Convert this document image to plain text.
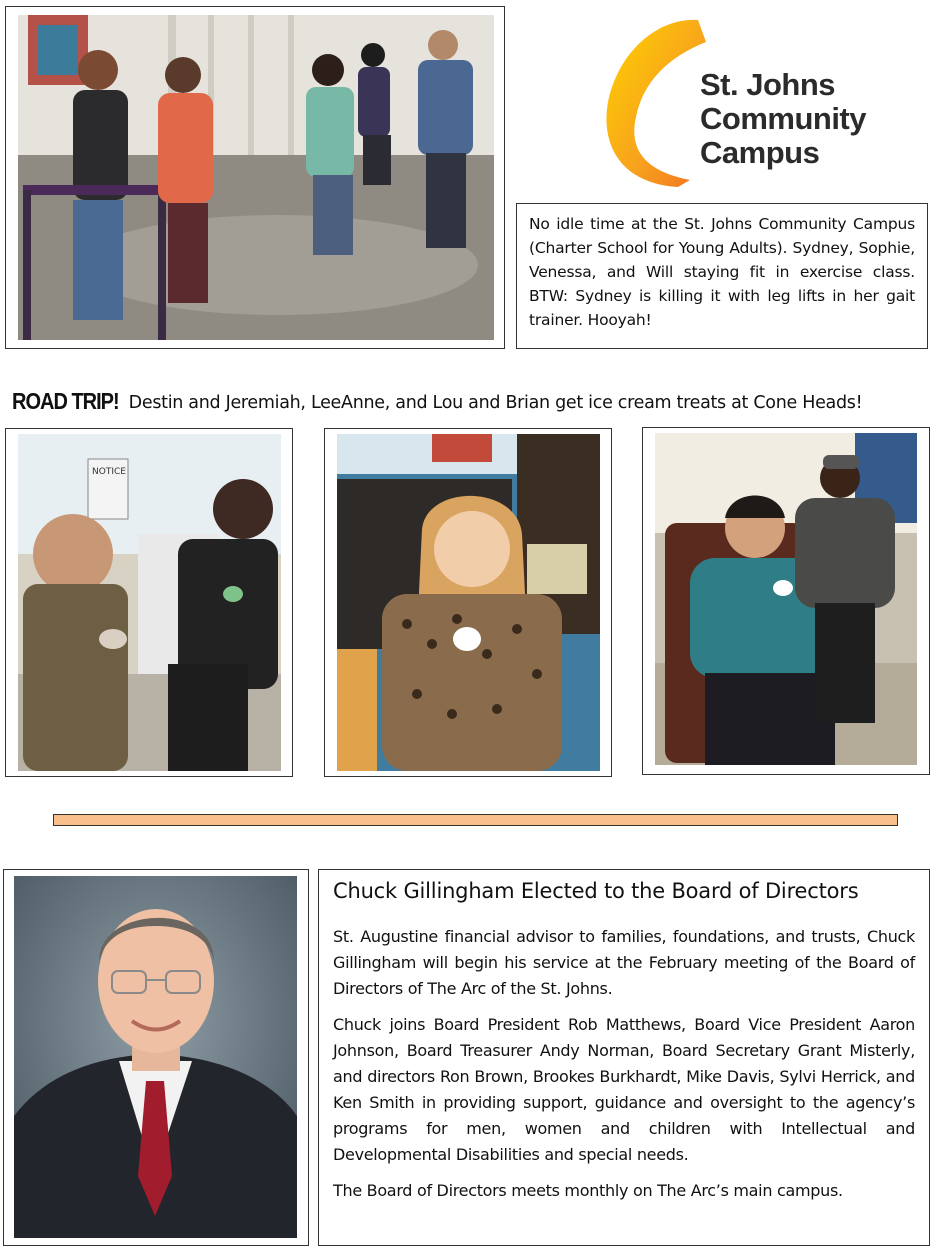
St. Johns
Community
Campus

No idle time at the St. Johns Community Campus (Charter School for Young Adults). Sydney, Sophie, Venessa, and Will staying fit in exercise class. BTW: Sydney is killing it with leg lifts in her gait trainer. Hooyah!

ROAD TRIP! Destin and Jeremiah, LeeAnne, and Lou and Brian get ice cream treats at Cone Heads!
NOTICE
Chuck Gillingham Elected to the Board of Directors

St. Augustine financial advisor to families, foundations, and trusts, Chuck Gillingham will begin his service at the February meeting of the Board of Directors of The Arc of the St. Johns.

Chuck joins Board President Rob Matthews, Board Vice President Aaron Johnson, Board Treasurer Andy Norman, Board Secretary Grant Misterly, and directors Ron Brown, Brookes Burkhardt, Mike Davis, Sylvi Herrick, and Ken Smith in providing support, guidance and oversight to the agency’s programs for men, women and children with Intellectual and Developmental Disabilities and special needs.

The Board of Directors meets monthly on The Arc’s main campus.
